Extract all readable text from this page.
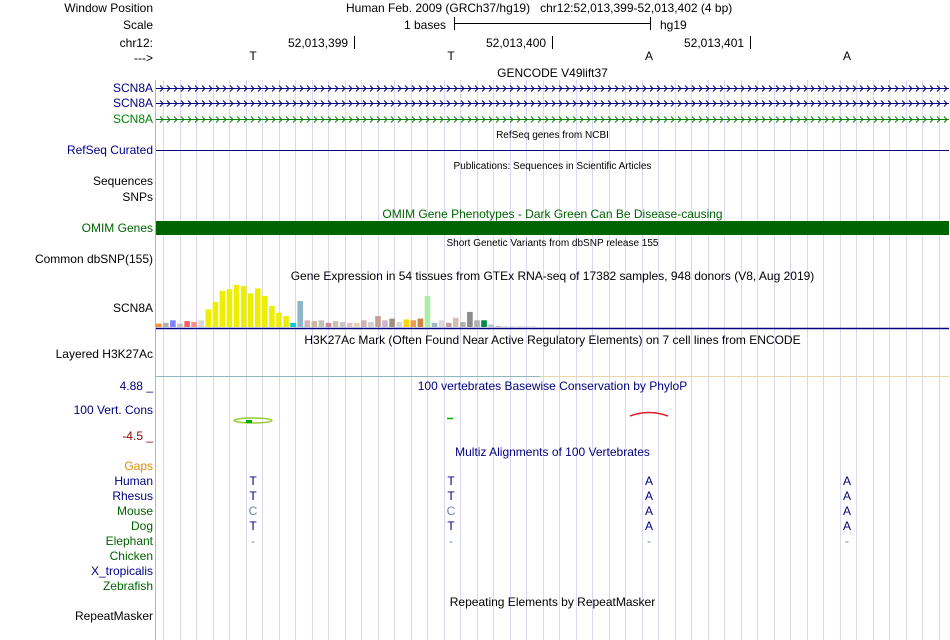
Window Position	Human Feb. 2009 (GRCh37/hg19)   chr12:52,013,399-52,013,402 (4 bp)
Scale	1 bases	hg19
chr12:	52,013,399	52,013,400	52,013,401
--->	T	T	A	A
GENCODE V49lift37
SCN8A
SCN8A
SCN8A
RefSeq genes from NCBI
RefSeq Curated
Publications: Sequences in Scientific Articles
Sequences
SNPs
OMIM Gene Phenotypes - Dark Green Can Be Disease-causing
OMIM Genes
Short Genetic Variants from dbSNP release 155
Common dbSNP(155)
Gene Expression in 54 tissues from GTEx RNA-seq of 17382 samples, 948 donors (V8, Aug 2019)
SCN8A
H3K27Ac Mark (Often Found Near Active Regulatory Elements) on 7 cell lines from ENCODE
Layered H3K27Ac
100 vertebrates Basewise Conservation by PhyloP
4.88 _
100 Vert. Cons
-4.5 _
Multiz Alignments of 100 Vertebrates
Gaps
Human	T	T	A	A
Rhesus	T	T	A	A
Mouse	C	C	A	A
Dog	T	T	A	A
Elephant	-	-	-	-
Chicken
X_tropicalis
Zebrafish
Repeating Elements by RepeatMasker
RepeatMasker
